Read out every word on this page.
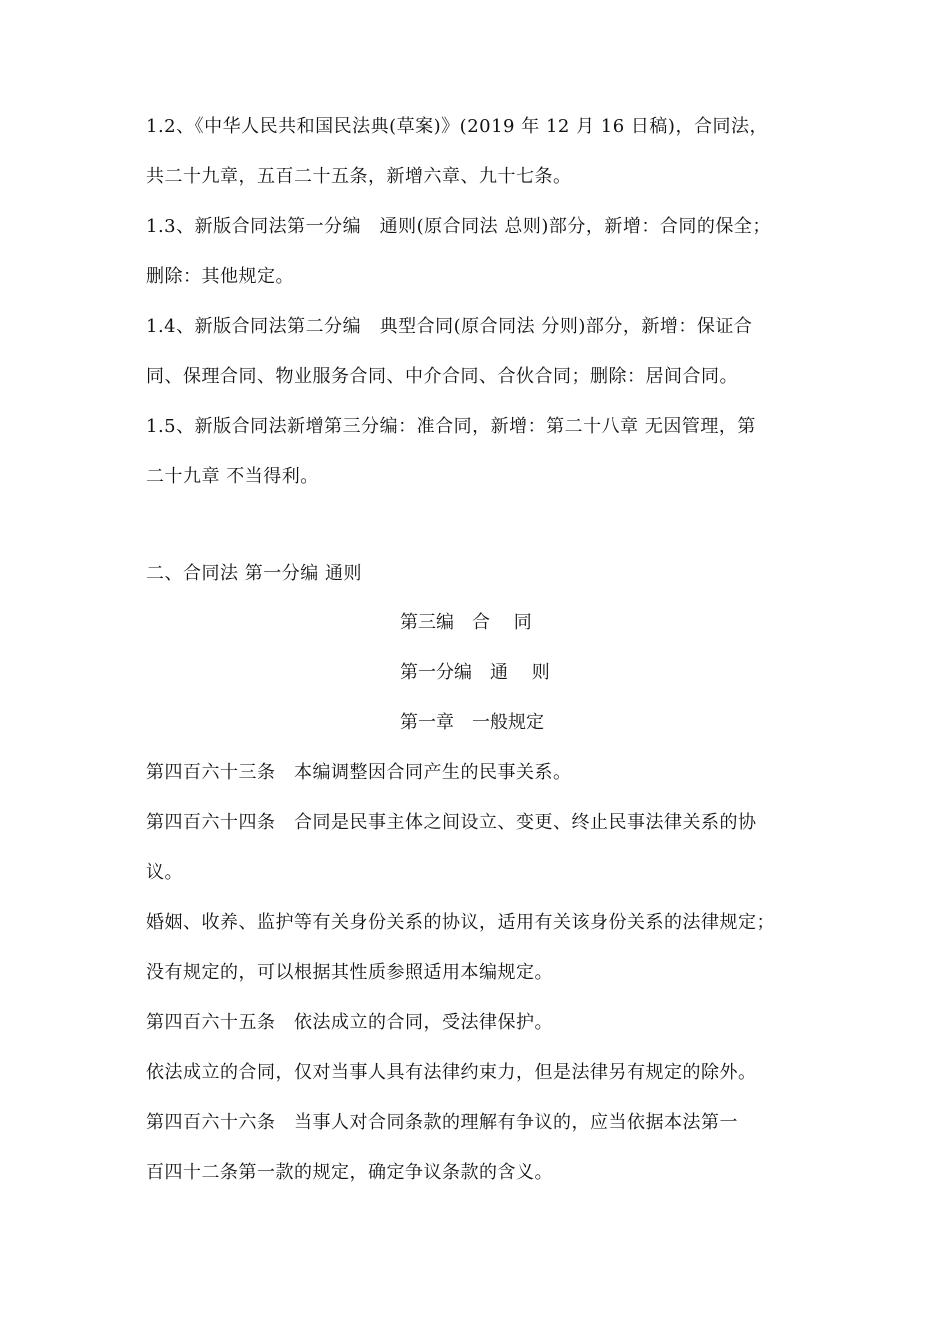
1.2、《中华人民共和国民法典(草案)》(2019 年 12 月 16 日稿)，合同法，
共二十九章，五百二十五条，新增六章、九十七条。
1.3、新版合同法第一分编　通则(原合同法 总则)部分，新增：合同的保全；
删除：其他规定。
1.4、新版合同法第二分编　典型合同(原合同法 分则)部分，新增：保证合
同、保理合同、物业服务合同、中介合同、合伙合同；删除：居间合同。
1.5、新版合同法新增第三分编：准合同，新增：第二十八章 无因管理，第
二十九章 不当得利。
二、合同法 第一分编 通则
第三编　合　 同
第一分编　通　 则
第一章　一般规定
第四百六十三条　本编调整因合同产生的民事关系。
第四百六十四条　合同是民事主体之间设立、变更、终止民事法律关系的协
议。
婚姻、收养、监护等有关身份关系的协议，适用有关该身份关系的法律规定；
没有规定的，可以根据其性质参照适用本编规定。
第四百六十五条　依法成立的合同，受法律保护。
依法成立的合同，仅对当事人具有法律约束力，但是法律另有规定的除外。
第四百六十六条　当事人对合同条款的理解有争议的，应当依据本法第一
百四十二条第一款的规定，确定争议条款的含义。
